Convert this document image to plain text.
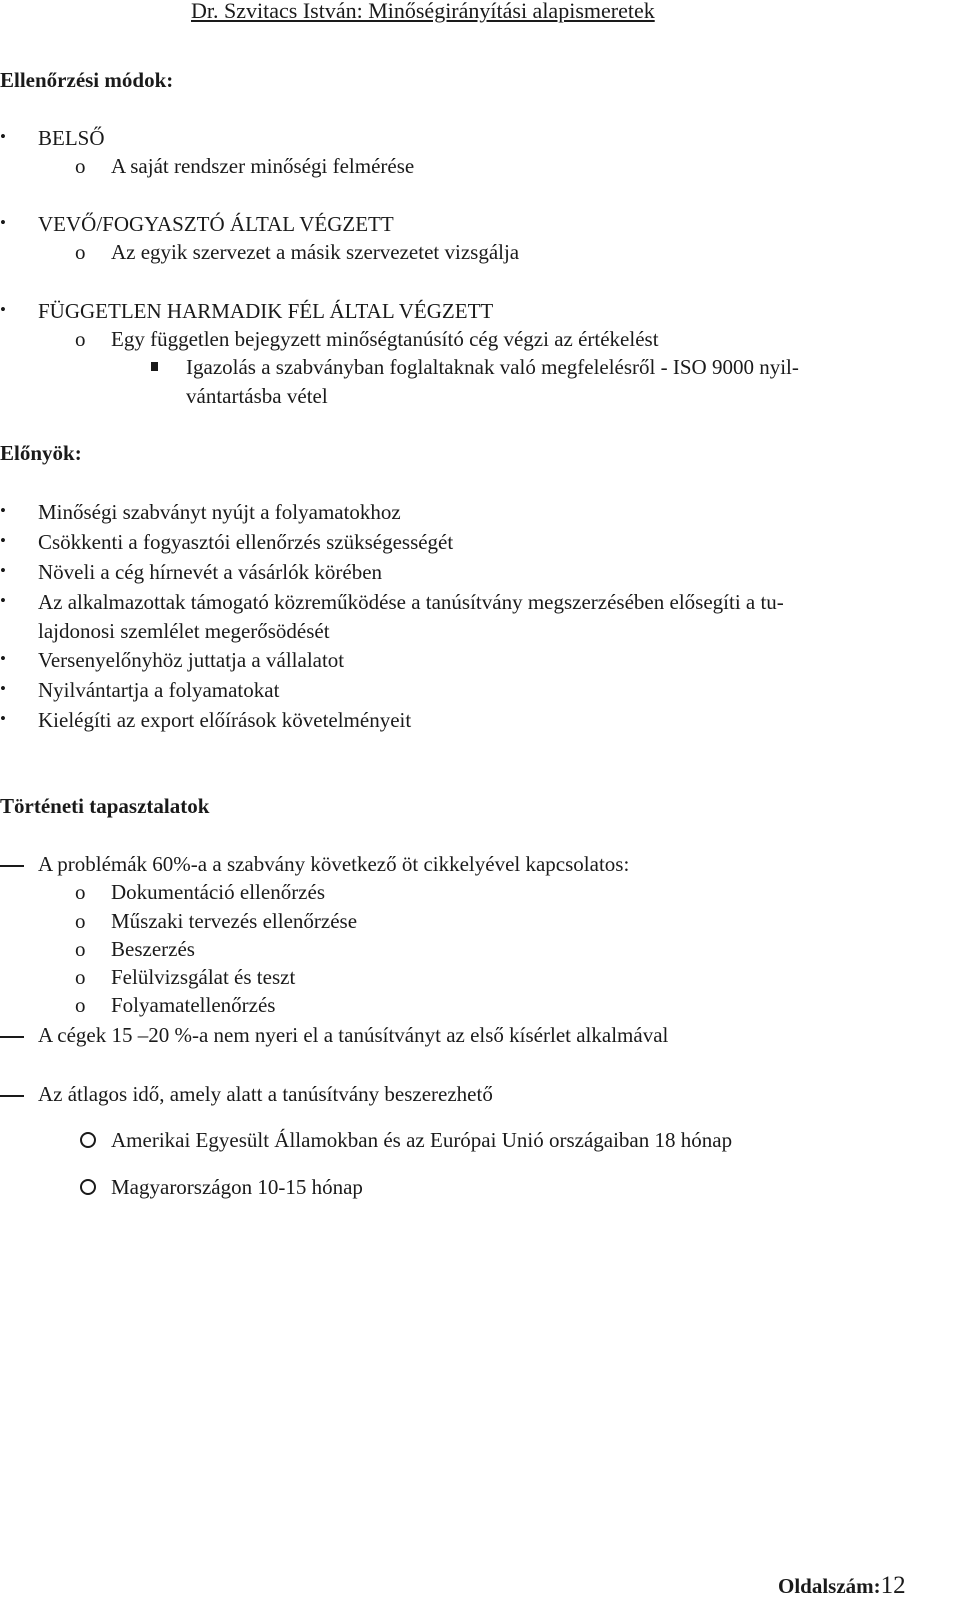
Dr. Szvitacs István: Minőségirányítási alapismeretek
Ellenőrzési módok:
• BELSŐ
o A saját rendszer minőségi felmérése
• VEVŐ/FOGYASZTÓ ÁLTAL VÉGZETT
o Az egyik szervezet a másik szervezetet vizsgálja
• FÜGGETLEN HARMADIK FÉL ÁLTAL VÉGZETT
o Egy független bejegyzett minőségtanúsító cég végzi az értékelést
Igazolás a szabványban foglaltaknak való megfelelésről - ISO 9000 nyil-
vántartásba vétel
Előnyök:
• Minőségi szabványt nyújt a folyamatokhoz
• Csökkenti a fogyasztói ellenőrzés szükségességét
• Növeli a cég hírnevét a vásárlók körében
• Az alkalmazottak támogató közreműködése a tanúsítvány megszerzésében elősegíti a tu-
lajdonosi szemlélet megerősödését
• Versenyelőnyhöz juttatja a vállalatot
• Nyilvántartja a folyamatokat
• Kielégíti az export előírások követelményeit
Történeti tapasztalatok
A problémák 60%-a a szabvány következő öt cikkelyével kapcsolatos:
o Dokumentáció ellenőrzés
o Műszaki tervezés ellenőrzése
o Beszerzés
o Felülvizsgálat és teszt
o Folyamatellenőrzés
A cégek 15 –20 %-a nem nyeri el a tanúsítványt az első kísérlet alkalmával
Az átlagos idő, amely alatt a tanúsítvány beszerezhető
Amerikai Egyesült Államokban és az Európai Unió országaiban 18 hónap
Magyarországon 10-15 hónap
Oldalszám:12
